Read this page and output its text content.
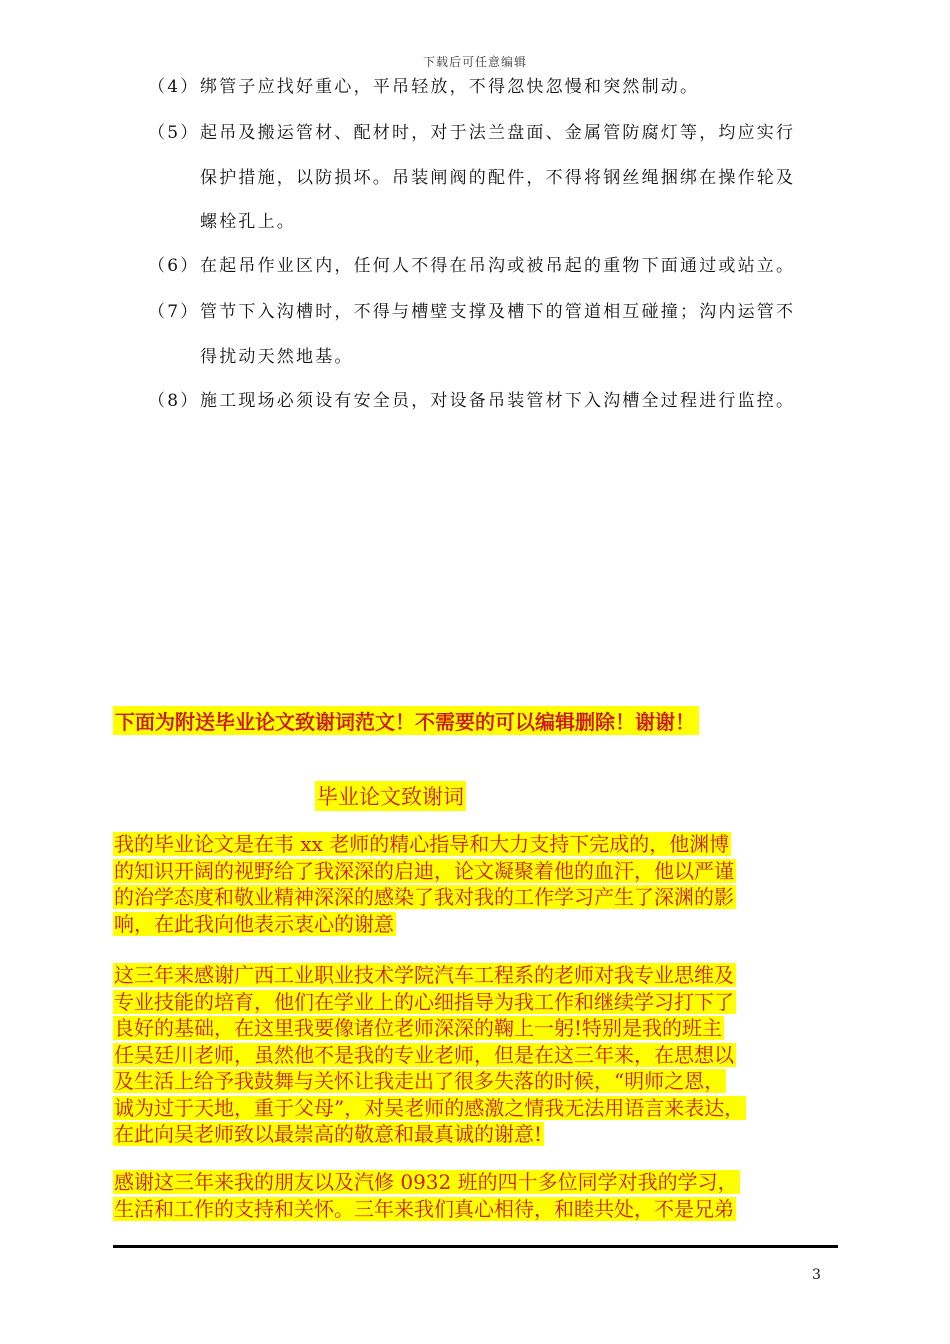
下载后可任意编辑
（4） 绑管子应找好重心，平吊轻放，不得忽快忽慢和突然制动。
（5） 起吊及搬运管材、配材时，对于法兰盘面、金属管防腐灯等，均应实行
保护措施，以防损坏。吊装闸阀的配件，不得将钢丝绳捆绑在操作轮及
螺栓孔上。
（6） 在起吊作业区内，任何人不得在吊沟或被吊起的重物下面通过或站立。
（7） 管节下入沟槽时，不得与槽壁支撑及槽下的管道相互碰撞；沟内运管不
得扰动天然地基。
（8） 施工现场必须设有安全员，对设备吊装管材下入沟槽全过程进行监控。
下面为附送毕业论文致谢词范文！不需要的可以编辑删除！谢谢！
毕业论文致谢词
我的毕业论文是在韦 xx 老师的精心指导和大力支持下完成的，他渊博
的知识开阔的视野给了我深深的启迪，论文凝聚着他的血汗，他以严谨
的治学态度和敬业精神深深的感染了我对我的工作学习产生了深渊的影
响，在此我向他表示衷心的谢意
这三年来感谢广西工业职业技术学院汽车工程系的老师对我专业思维及
专业技能的培育，他们在学业上的心细指导为我工作和继续学习打下了
良好的基础，在这里我要像诸位老师深深的鞠上一躬!特别是我的班主
任吴廷川老师，虽然他不是我的专业老师，但是在这三年来，在思想以
及生活上给予我鼓舞与关怀让我走出了很多失落的时候，“明师之恩，
诚为过于天地，重于父母”，对吴老师的感激之情我无法用语言来表达，
在此向吴老师致以最崇高的敬意和最真诚的谢意!
感谢这三年来我的朋友以及汽修 0932 班的四十多位同学对我的学习，
生活和工作的支持和关怀。三年来我们真心相待，和睦共处，不是兄弟
3
